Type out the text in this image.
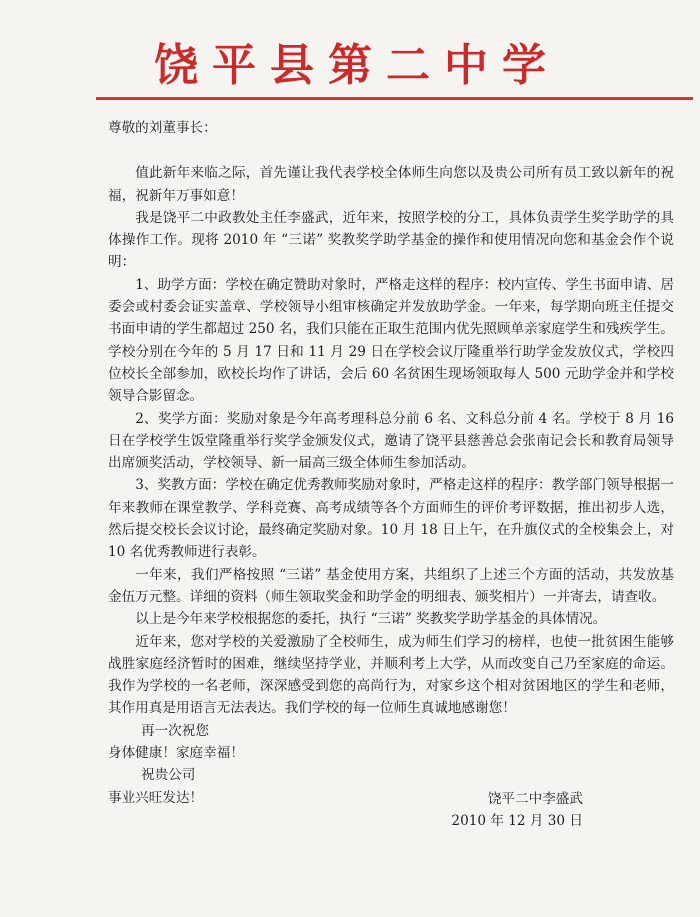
饶平县第二中学

尊敬的刘董事长：

值此新年来临之际，首先谨让我代表学校全体师生向您以及贵公司所有员工致以新年的祝福，祝新年万事如意！

我是饶平二中政教处主任李盛武，近年来，按照学校的分工，具体负责学生奖学助学的具体操作工作。现将 2010 年 “三诺” 奖教奖学助学基金的操作和使用情况向您和基金会作个说明：

1、助学方面：学校在确定赞助对象时，严格走这样的程序：校内宣传、学生书面申请、居委会或村委会证实盖章、学校领导小组审核确定并发放助学金。一年来，每学期向班主任提交书面申请的学生都超过 250 名，我们只能在正取生范围内优先照顾单亲家庭学生和残疾学生。学校分别在今年的 5 月 17 日和 11 月 29 日在学校会议厅隆重举行助学金发放仪式，学校四位校长全部参加，欧校长均作了讲话，会后 60 名贫困生现场领取每人 500 元助学金并和学校领导合影留念。

2、奖学方面：奖励对象是今年高考理科总分前 6 名、文科总分前 4 名。学校于 8 月 16 日在学校学生饭堂隆重举行奖学金颁发仪式，邀请了饶平县慈善总会张南记会长和教育局领导出席颁奖活动，学校领导、新一届高三级全体师生参加活动。

3、奖教方面：学校在确定优秀教师奖励对象时，严格走这样的程序：教学部门领导根据一年来教师在课堂教学、学科竞赛、高考成绩等各个方面师生的评价考评数据，推出初步人选，然后提交校长会议讨论，最终确定奖励对象。10 月 18 日上午，在升旗仪式的全校集会上，对 10 名优秀教师进行表彰。

一年来，我们严格按照 “三诺” 基金使用方案，共组织了上述三个方面的活动，共发放基金伍万元整。详细的资料（师生领取奖金和助学金的明细表、颁奖相片）一并寄去，请查收。

以上是今年来学校根据您的委托，执行 “三诺” 奖教奖学助学基金的具体情况。

近年来，您对学校的关爱激励了全校师生，成为师生们学习的榜样，也使一批贫困生能够战胜家庭经济暂时的困难，继续坚持学业，并顺利考上大学，从而改变自己乃至家庭的命运。我作为学校的一名老师，深深感受到您的高尚行为，对家乡这个相对贫困地区的学生和老师，其作用真是用语言无法表达。我们学校的每一位师生真诚地感谢您！

再一次祝您

身体健康！家庭幸福！

祝贵公司

事业兴旺发达！	饶平二中李盛武
2010 年 12 月 30 日
